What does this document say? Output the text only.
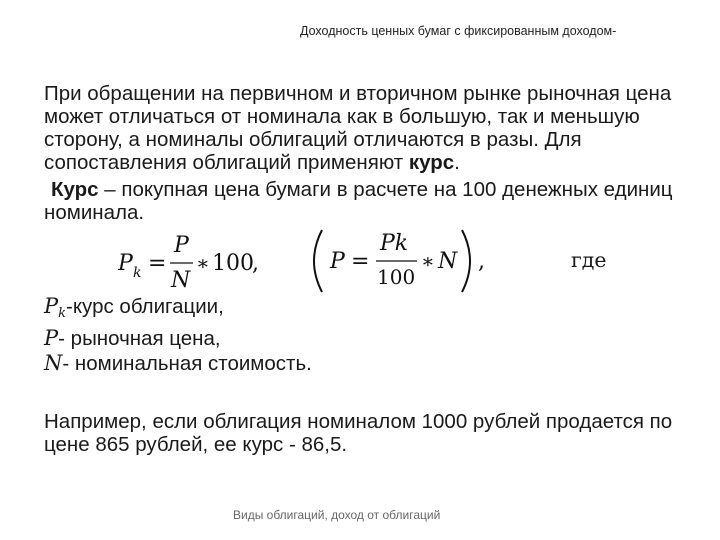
Доходность ценных бумаг с фиксированным доходом-
При обращении на первичном и вторичном рынке рыночная цена может отличаться от номинала как в большую, так и меньшую сторону, а номиналы облигаций отличаются в разы. Для сопоставления облигаций применяют курс.
Курс – покупная цена бумаги в расчете на 100 денежных единиц номинала.
P k =
P
N
∗ 100
,	P =
Pk
100
∗ N ,	где
$P_k$-курс облигации,
P- рыночная цена,
N- номинальная стоимость.
Например, если облигация номиналом 1000 рублей продается по цене 865 рублей, ее курс - 86,5.
Виды облигаций, доход от облигаций
